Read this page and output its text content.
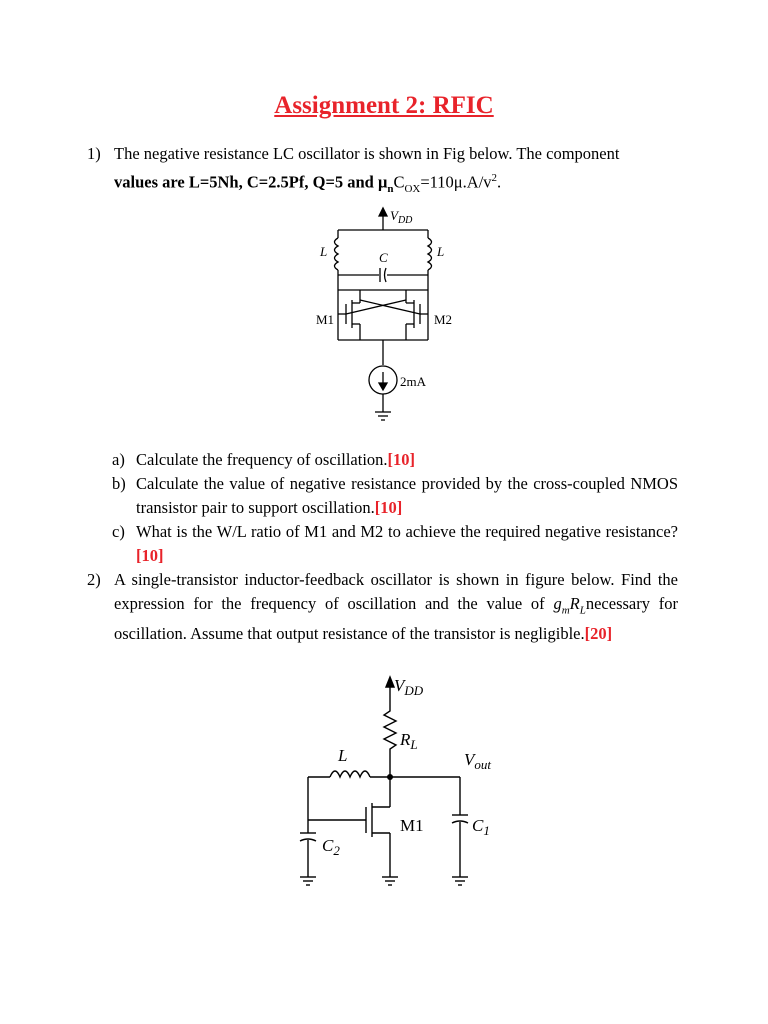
Assignment 2: RFIC
1) The negative resistance LC oscillator is shown in Fig below. The component
values are L=5Nh, C=2.5Pf, Q=5 and $\mu_nC_{OX}=110\mu.A/v^2$.
$V_{DD}$
L	L
C
M1	M2
2mA
a) Calculate the frequency of oscillation.[10]
b) Calculate the value of negative resistance provided by the cross-coupled NMOS transistor pair to support oscillation.[10]
c) What is the W/L ratio of M1 and M2 to achieve the required negative resistance?[10]
2) A single-transistor inductor-feedback oscillator is shown in figure below. Find the expression for the frequency of oscillation and the value of $g_mR_Lnecessary$ for oscillation. Assume that output resistance of the transistor is negligible.[20]
$V_{DD}$
$R_L$
L	$V_{out}$
M1	$C_1$
$C_2$
